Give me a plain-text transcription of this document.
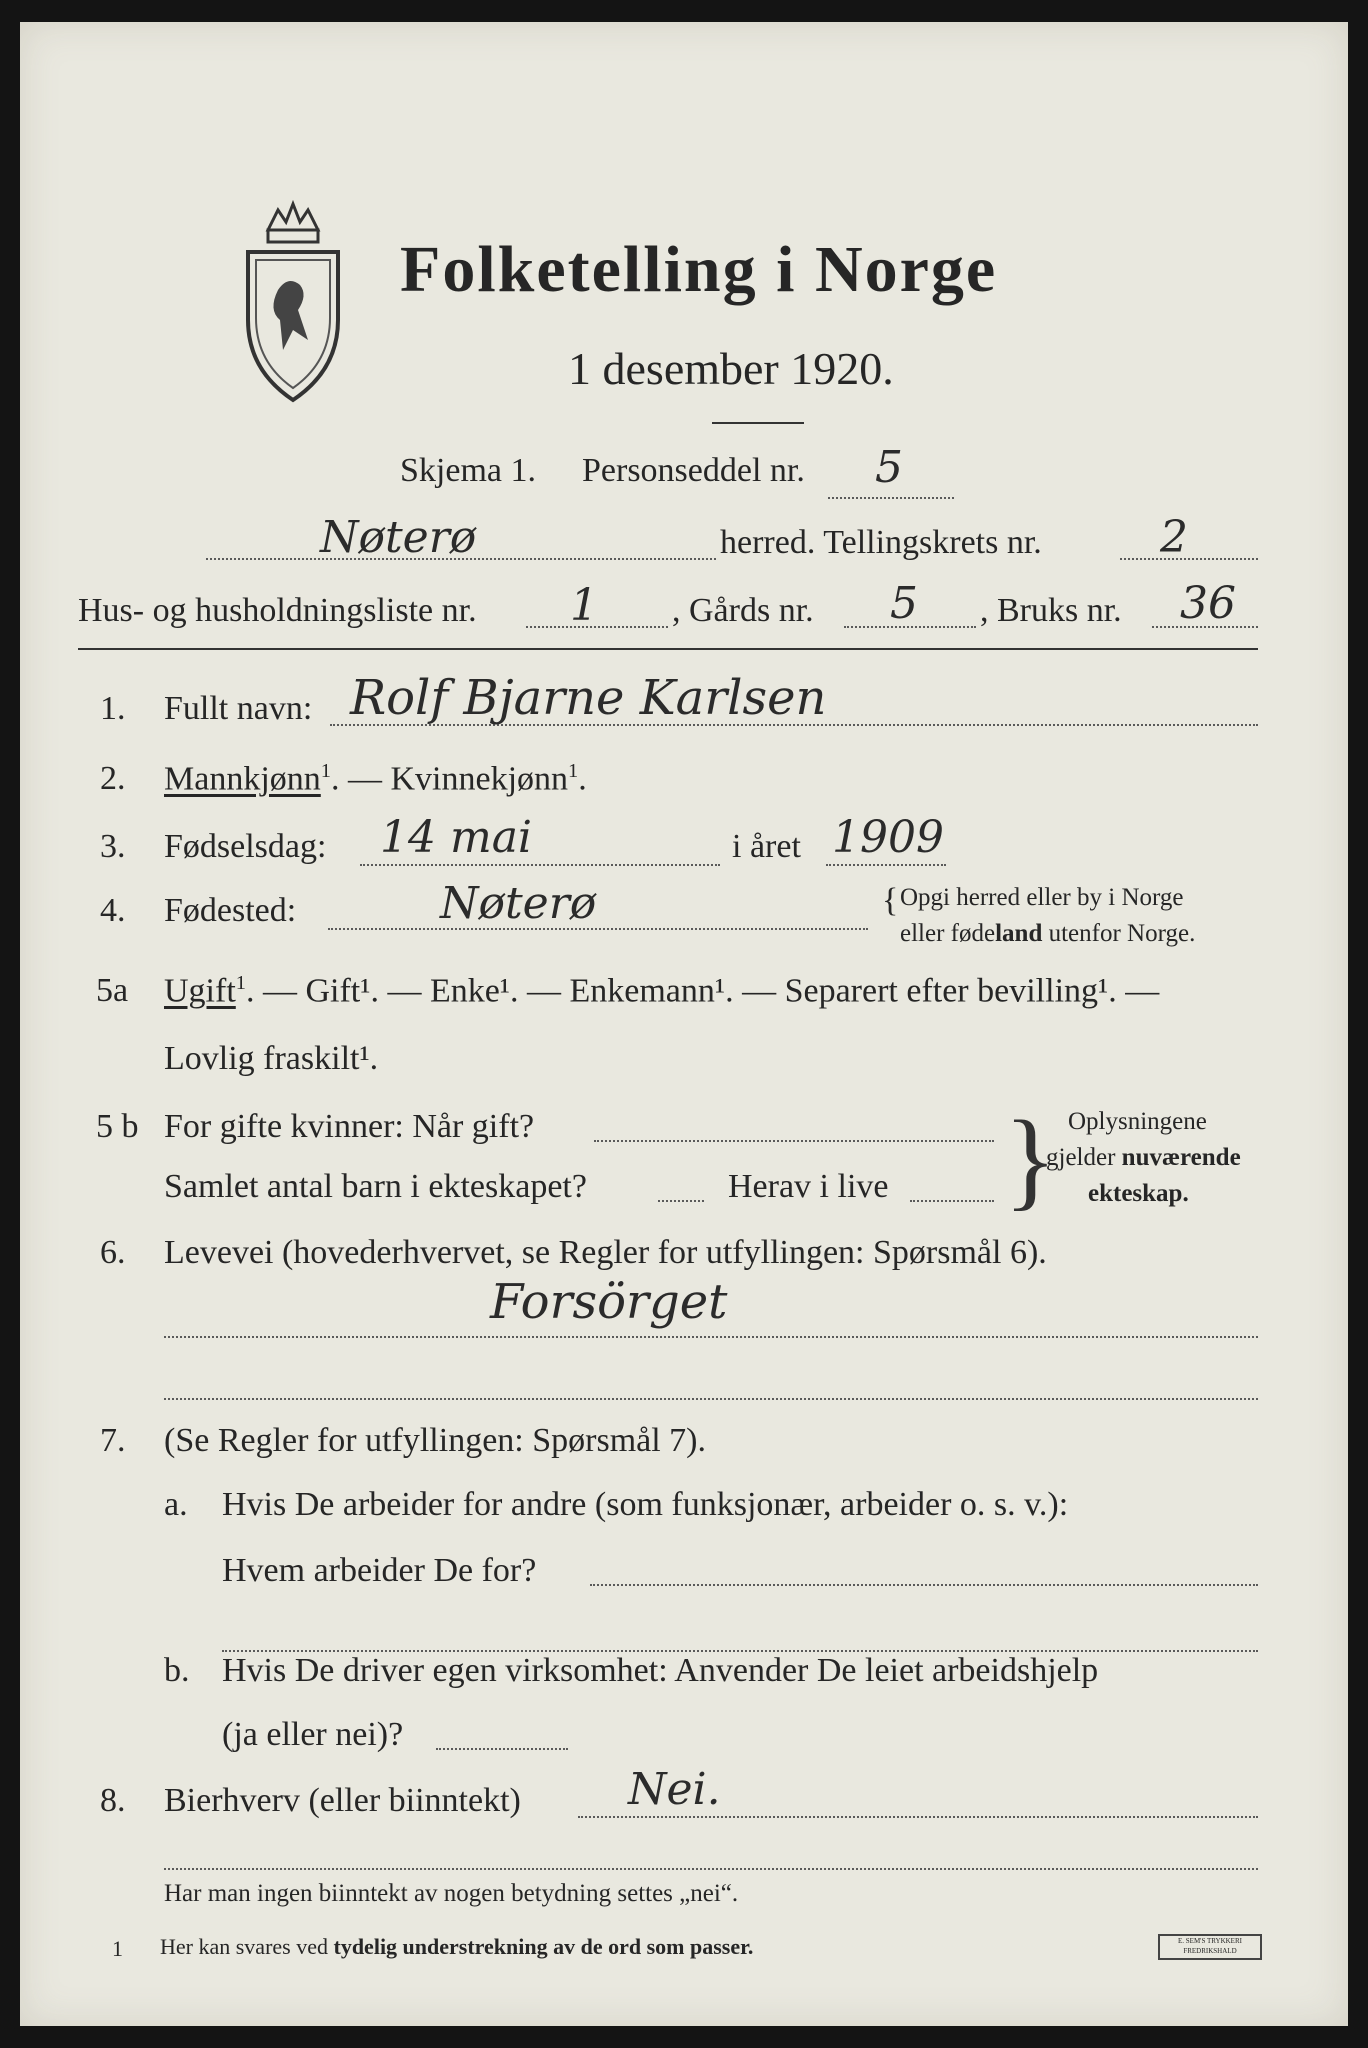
Folketelling i Norge
1 desember 1920.
Skjema 1. Personseddel nr. 5
Nøterø	herred. Tellingskrets nr.	2
Hus- og husholdningsliste nr. 1 , Gårds nr. 5 , Bruks nr. 36
1. Fullt navn: Rolf Bjarne Karlsen
2. Mannkjønn$^1$. — Kvinnekjønn$^1$.
3. Fødselsdag: 14 mai	i året 1909
4. Fødested:	Nøterø	{ Opgi herred eller by i Norge
eller fødeland utenfor Norge.
5a Ugift$^1$. — Gift¹. — Enke¹. — Enkemann¹. — Separert efter bevilling¹. —
Lovlig fraskilt¹.
5 b For gifte kvinner: Når gift?
Samlet antal barn i ekteskapet?	Herav i live } Oplysningene
gjelder nuværende
ekteskap.
6. Levevei (hovederhvervet, se Regler for utfyllingen: Spørsmål 6).
Forsörget
7. (Se Regler for utfyllingen: Spørsmål 7).
a. Hvis De arbeider for andre (som funksjonær, arbeider o. s. v.):
Hvem arbeider De for?
b. Hvis De driver egen virksomhet: Anvender De leiet arbeidshjelp
(ja eller nei)?
8. Bierhverv (eller biinntekt) Nei.
Har man ingen biinntekt av nogen betydning settes „nei“.
1 Her kan svares ved tydelig understrekning av de ord som passer.	E. SEM'S TRYKKERI FREDRIKSHALD
